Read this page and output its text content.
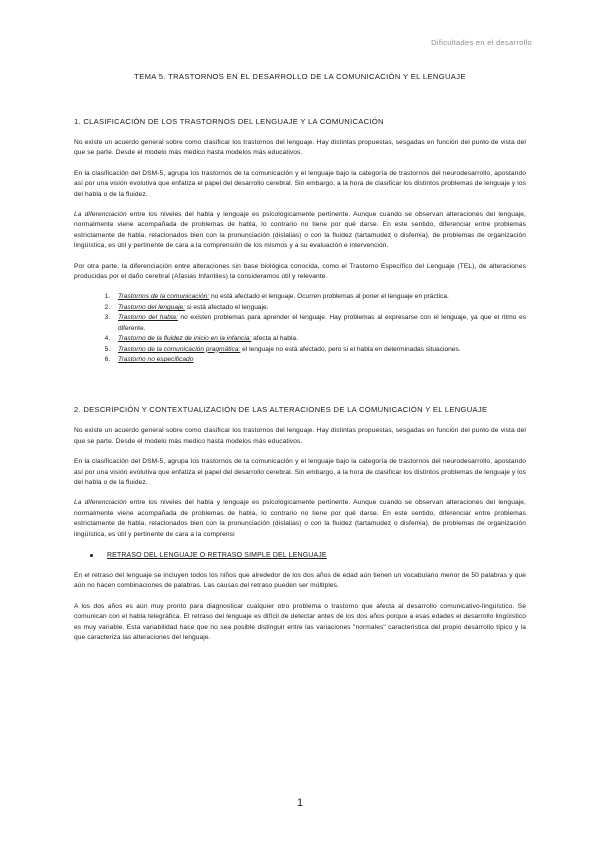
Dificultades en el desarrollo
TEMA 5. TRASTORNOS EN EL DESARROLLO DE LA COMUNICACIÓN Y EL LENGUAJE
1. CLASIFICACIÓN DE LOS TRASTORNOS DEL LENGUAJE Y LA COMUNICACIÓN

No existe un acuerdo general sobre como clasificar los trastornos del lenguaje. Hay distintas propuestas, sesgadas en función del punto de vista del que se parte. Desde el modelo más medico hasta modelos más educativos.

En la clasificación del DSM-5, agrupa los trastornos de la comunicación y el lenguaje bajo la categoría de trastornos del neurodesarrollo, apostando así por una visión evolutiva que enfatiza el papel del desarrollo cerebral. Sin embargo, a la hora de clasificar los distintos problemas de lenguaje y los del habla o de la fluidez.

La diferenciación entre los niveles del habla y lenguaje es psicológicamente pertinente. Aunque cuando se observan alteraciones del lenguaje, normalmente viene acompañada de problemas de habla, lo contrario no tiene por qué darse. En este sentido, diferenciar entre problemas estrictamente de habla, relacionados bien con la pronunciación (dislalias) o con la fluidez (tartamudez o disfemia), de problemas de organización lingüística, es útil y pertinente de cara a la comprensión de los mismos y a su evaluación e intervención.

Por otra parte, la diferenciación entre alteraciones sin base biológica conocida, como el Trastorno Específico del Lenguaje (TEL), de alteraciones producidas por el daño cerebral (Afasias Infantiles) la consideramos útil y relevante.

1. Trastornos de la comunicación: no está afectado el lenguaje. Ocurren problemas al poner el lenguaje en práctica.
2. Trastorno del lenguaje: si está afectado el lenguaje.
3. Trastorno del habla: no existen problemas para aprender el lenguaje. Hay problemas al expresarse con el lenguaje, ya que el ritmo es diferente.
4. Trastorno de la fluidez de inicio en la infancia: afecta al habla.
5. Trastorno de la comunicación pragmática: el lenguaje no está afectado, pero si el habla en determinadas situaciones.
6. Trastorno no especificado
2. DESCRIPCIÓN Y CONTEXTUALIZACIÓN DE LAS ALTERACIONES DE LA COMUNICACIÓN Y EL LENGUAJE

No existe un acuerdo general sobre como clasificar los trastornos del lenguaje. Hay distintas propuestas, sesgadas en función del punto de vista del que se parte. Desde el modelo más medico hasta modelos más educativos.

En la clasificación del DSM-5, agrupa los trastornos de la comunicación y el lenguaje bajo la categoría de trastornos del neurodesarrollo, apostando así por una visión evolutiva que enfatiza el papel del desarrollo cerebral. Sin embargo, a la hora de clasificar los distintos problemas de lenguaje y los del habla o de la fluidez.

La diferenciación entre los niveles del habla y lenguaje es psicológicamente pertinente. Aunque cuando se observan alteraciones del lenguaje, normalmente viene acompañada de problemas de habla, lo contrario no tiene por qué darse. En este sentido, diferenciar entre problemas estrictamente de habla, relacionados bien con la pronunciación (dislalias) o con la fluidez (tartamudez o disfemia), de problemas de organización lingüística, es útil y pertinente de cara a la comprensi

RETRASO DEL LENGUAJE O RETRASO SIMPLE DEL LENGUAJE

En el retraso del lenguaje se incluyen todos los niños que alrededor de los dos años de edad aún tienen un vocabulario menor de 50 palabras y que aún no hacen combinaciones de palabras. Las causas del retraso pueden ser múltiples.

A los dos años es aún muy pronto para diagnosticar cualquier otro problema o trastorno que afecta al desarrollo comunicativo-lingüístico. Se comunican con el habla telegráfica. El retraso del lenguaje es difícil de detectar antes de los dos años porque a esas edades el desarrollo lingüístico es muy variable. Esta variabilidad hace que no sea posible distinguir entre las variaciones "normales" característica del propio desarrollo típico y la que caracteriza las alteraciones del lenguaje.

1
